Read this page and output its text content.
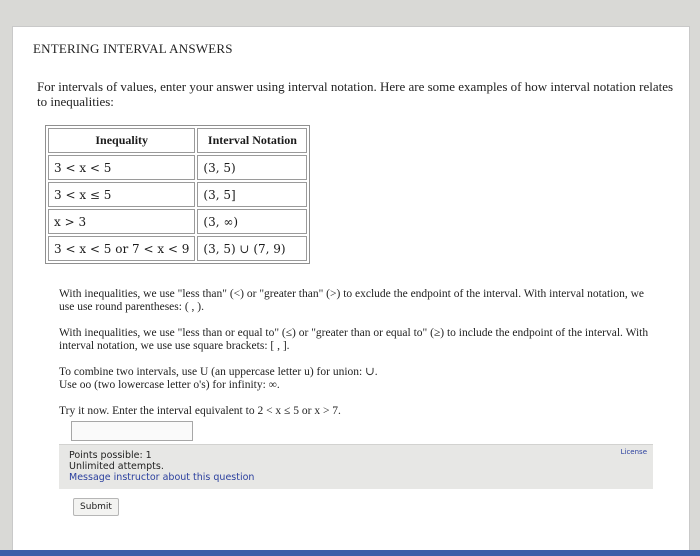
ENTERING INTERVAL ANSWERS
For intervals of values, enter your answer using interval notation. Here are some examples of how interval notation relates to inequalities:
Inequality	Interval Notation
3 < x < 5	(3, 5)
3 < x ≤ 5	(3, 5]
x > 3	(3, ∞)
3 < x < 5 or 7 < x < 9	(3, 5) ∪ (7, 9)

With inequalities, we use "less than" (<) or "greater than" (>) to exclude the endpoint of the interval. With interval notation, we use use round parentheses: ( , ).

With inequalities, we use "less than or equal to" (≤) or "greater than or equal to" (≥) to include the endpoint of the interval. With interval notation, we use use square brackets: [ , ].

To combine two intervals, use U (an uppercase letter u) for union: ∪.
Use oo (two lowercase letter o's) for infinity: ∞.

Try it now. Enter the interval equivalent to 2 < x ≤ 5 or x > 7.

Points possible: 1
Unlimited attempts.
Message instructor about this question
License
Submit
